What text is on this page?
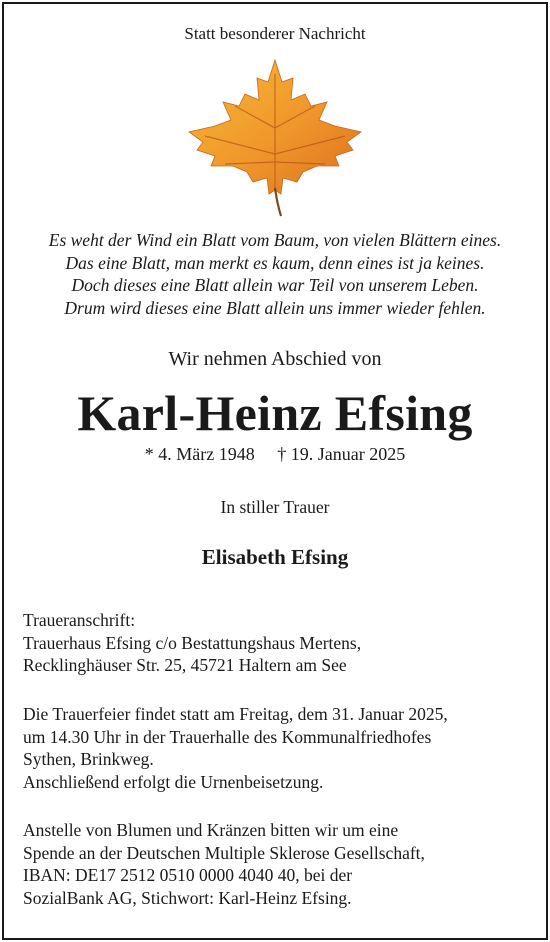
Statt besonderer Nachricht
Es weht der Wind ein Blatt vom Baum, von vielen Blättern eines.
Das eine Blatt, man merkt es kaum, denn eines ist ja keines.
Doch dieses eine Blatt allein war Teil von unserem Leben.
Drum wird dieses eine Blatt allein uns immer wieder fehlen.
Wir nehmen Abschied von
Karl-Heinz Efsing
* 4. März 1948 † 19. Januar 2025
In stiller Trauer
Elisabeth Efsing
Traueranschrift:
Trauerhaus Efsing c/o Bestattungshaus Mertens,
Recklinghäuser Str. 25, 45721 Haltern am See
Die Trauerfeier findet statt am Freitag, dem 31. Januar 2025,
um 14.30 Uhr in der Trauerhalle des Kommunalfriedhofes
Sythen, Brinkweg.
Anschließend erfolgt die Urnenbeisetzung.
Anstelle von Blumen und Kränzen bitten wir um eine
Spende an der Deutschen Multiple Sklerose Gesellschaft,
IBAN: DE17 2512 0510 0000 4040 40, bei der
SozialBank AG, Stichwort: Karl-Heinz Efsing.
